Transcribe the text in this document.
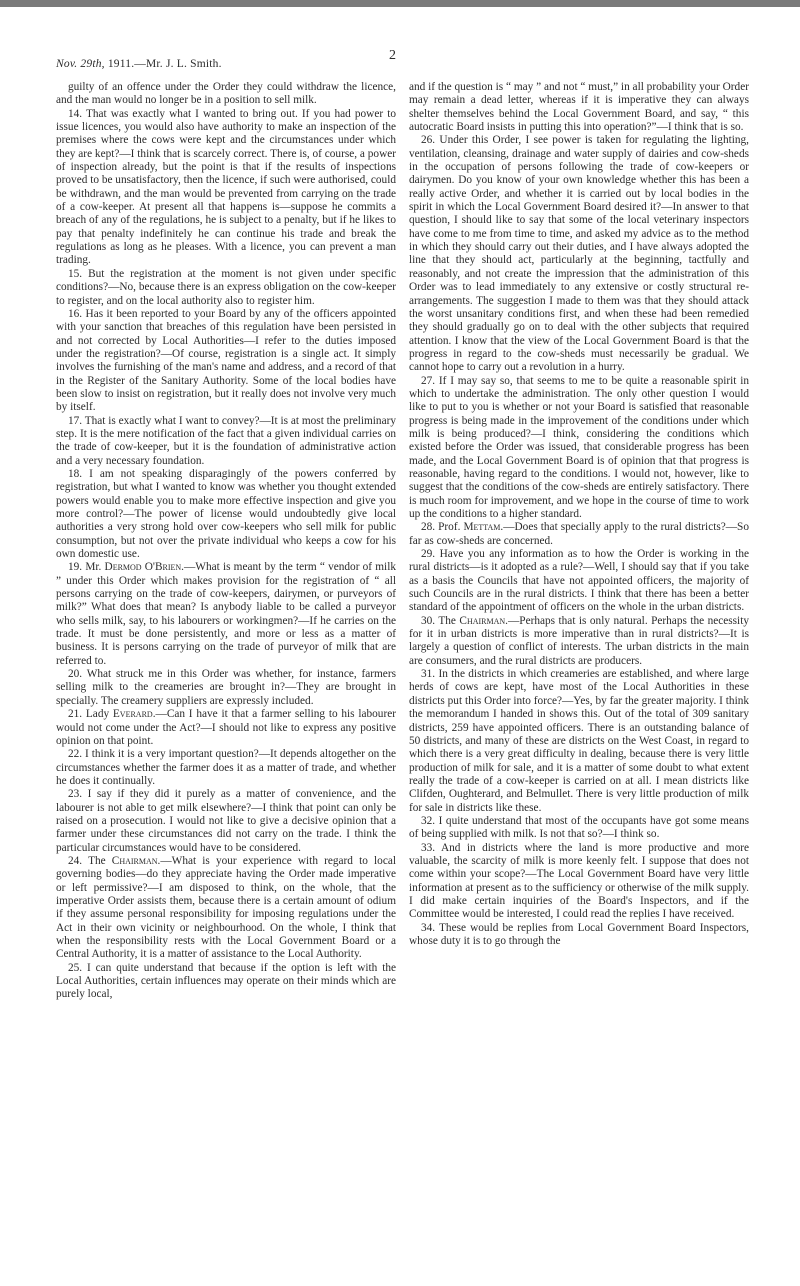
2
Nov. 29th, 1911.—Mr. J. L. Smith.

guilty of an offence under the Order they could withdraw the licence, and the man would no longer be in a position to sell milk.

14. That was exactly what I wanted to bring out. If you had power to issue licences, you would also have authority to make an inspection of the premises where the cows were kept and the circumstances under which they are kept?—I think that is scarcely correct. There is, of course, a power of inspection already, but the point is that if the results of inspections proved to be unsatisfactory, then the licence, if such were authorised, could be withdrawn, and the man would be prevented from carrying on the trade of a cow-keeper. At present all that happens is—suppose he commits a breach of any of the regulations, he is subject to a penalty, but if he likes to pay that penalty indefinitely he can continue his trade and break the regulations as long as he pleases. With a licence, you can prevent a man trading.

15. But the registration at the moment is not given under specific conditions?—No, because there is an express obligation on the cow-keeper to register, and on the local authority also to register him.

16. Has it been reported to your Board by any of the officers appointed with your sanction that breaches of this regulation have been persisted in and not corrected by Local Authorities—I refer to the duties imposed under the registration?—Of course, registration is a single act. It simply involves the furnishing of the man's name and address, and a record of that in the Register of the Sanitary Authority. Some of the local bodies have been slow to insist on registration, but it really does not involve very much by itself.

17. That is exactly what I want to convey?—It is at most the preliminary step. It is the mere notification of the fact that a given individual carries on the trade of cow-keeper, but it is the foundation of administrative action and a very necessary foundation.

18. I am not speaking disparagingly of the powers conferred by registration, but what I wanted to know was whether you thought extended powers would enable you to make more effective inspection and give you more control?—The power of license would undoubtedly give local authorities a very strong hold over cow-keepers who sell milk for public consumption, but not over the private individual who keeps a cow for his own domestic use.

19. Mr. Dermod O'Brien.—What is meant by the term “ vendor of milk ” under this Order which makes provision for the registration of “ all persons carrying on the trade of cow-keepers, dairymen, or purveyors of milk?” What does that mean? Is anybody liable to be called a purveyor who sells milk, say, to his labourers or workingmen?—If he carries on the trade. It must be done persistently, and more or less as a matter of business. It is persons carrying on the trade of purveyor of milk that are referred to.

20. What struck me in this Order was whether, for instance, farmers selling milk to the creameries are brought in?—They are brought in specially. The creamery suppliers are expressly included.

21. Lady Everard.—Can I have it that a farmer selling to his labourer would not come under the Act?—I should not like to express any positive opinion on that point.

22. I think it is a very important question?—It depends altogether on the circumstances whether the farmer does it as a matter of trade, and whether he does it continually.

23. I say if they did it purely as a matter of convenience, and the labourer is not able to get milk elsewhere?—I think that point can only be raised on a prosecution. I would not like to give a decisive opinion that a farmer under these circumstances did not carry on the trade. I think the particular circumstances would have to be considered.

24. The Chairman.—What is your experience with regard to local governing bodies—do they appreciate having the Order made imperative or left permissive?—I am disposed to think, on the whole, that the imperative Order assists them, because there is a certain amount of odium if they assume personal responsibility for imposing regulations under the Act in their own vicinity or neighbourhood. On the whole, I think that when the responsibility rests with the Local Government Board or a Central Authority, it is a matter of assistance to the Local Authority.

25. I can quite understand that because if the option is left with the Local Authorities, certain influences may operate on their minds which are purely local,

and if the question is “ may ” and not “ must,” in all probability your Order may remain a dead letter, whereas if it is imperative they can always shelter themselves behind the Local Government Board, and say, “ this autocratic Board insists in putting this into operation?”—I think that is so.

26. Under this Order, I see power is taken for regulating the lighting, ventilation, cleansing, drainage and water supply of dairies and cow-sheds in the occupation of persons following the trade of cow-keepers or dairymen. Do you know of your own knowledge whether this has been a really active Order, and whether it is carried out by local bodies in the spirit in which the Local Government Board desired it?—In answer to that question, I should like to say that some of the local veterinary inspectors have come to me from time to time, and asked my advice as to the method in which they should carry out their duties, and I have always adopted the line that they should act, particularly at the beginning, tactfully and reasonably, and not create the impression that the administration of this Order was to lead immediately to any extensive or costly structural re-arrangements. The suggestion I made to them was that they should attack the worst unsanitary conditions first, and when these had been remedied they should gradually go on to deal with the other subjects that required attention. I know that the view of the Local Government Board is that the progress in regard to the cow-sheds must necessarily be gradual. We cannot hope to carry out a revolution in a hurry.

27. If I may say so, that seems to me to be quite a reasonable spirit in which to undertake the administration. The only other question I would like to put to you is whether or not your Board is satisfied that reasonable progress is being made in the improvement of the conditions under which milk is being produced?—I think, considering the conditions which existed before the Order was issued, that considerable progress has been made, and the Local Government Board is of opinion that that progress is reasonable, having regard to the conditions. I would not, however, like to suggest that the conditions of the cow-sheds are entirely satisfactory. There is much room for improvement, and we hope in the course of time to work up the conditions to a higher standard.

28. Prof. Mettam.—Does that specially apply to the rural districts?—So far as cow-sheds are concerned.

29. Have you any information as to how the Order is working in the rural districts—is it adopted as a rule?—Well, I should say that if you take as a basis the Councils that have not appointed officers, the majority of such Councils are in the rural districts. I think that there has been a better standard of the appointment of officers on the whole in the urban districts.

30. The Chairman.—Perhaps that is only natural. Perhaps the necessity for it in urban districts is more imperative than in rural districts?—It is largely a question of conflict of interests. The urban districts in the main are consumers, and the rural districts are producers.

31. In the districts in which creameries are established, and where large herds of cows are kept, have most of the Local Authorities in these districts put this Order into force?—Yes, by far the greater majority. I think the memorandum I handed in shows this. Out of the total of 309 sanitary districts, 259 have appointed officers. There is an outstanding balance of 50 districts, and many of these are districts on the West Coast, in regard to which there is a very great difficulty in dealing, because there is very little production of milk for sale, and it is a matter of some doubt to what extent really the trade of a cow-keeper is carried on at all. I mean districts like Clifden, Oughterard, and Belmullet. There is very little production of milk for sale in districts like these.

32. I quite understand that most of the occupants have got some means of being supplied with milk. Is not that so?—I think so.

33. And in districts where the land is more productive and more valuable, the scarcity of milk is more keenly felt. I suppose that does not come within your scope?—The Local Government Board have very little information at present as to the sufficiency or otherwise of the milk supply. I did make certain inquiries of the Board's Inspectors, and if the Committee would be interested, I could read the replies I have received.

34. These would be replies from Local Government Board Inspectors, whose duty it is to go through the
